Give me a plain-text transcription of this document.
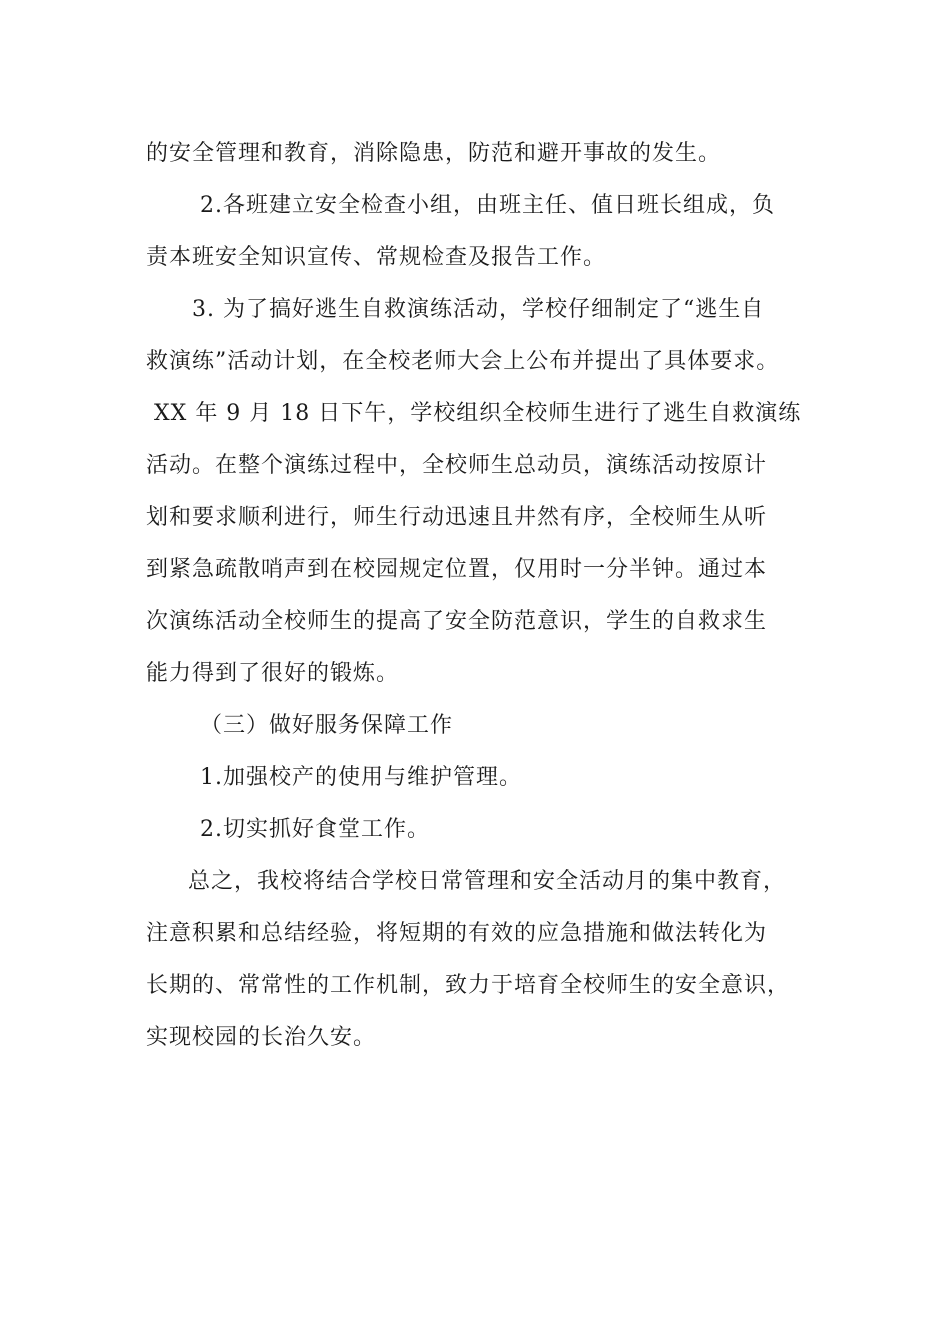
的安全管理和教育，消除隐患，防范和避开事故的发生。
2.各班建立安全检查小组，由班主任、值日班长组成，负
责本班安全知识宣传、常规检查及报告工作。
3. 为了搞好逃生自救演练活动，学校仔细制定了“逃生自
救演练”活动计划，在全校老师大会上公布并提出了具体要求。
XX 年 9 月 18 日下午，学校组织全校师生进行了逃生自救演练
活动。在整个演练过程中，全校师生总动员，演练活动按原计
划和要求顺利进行，师生行动迅速且井然有序，全校师生从听
到紧急疏散哨声到在校园规定位置，仅用时一分半钟。通过本
次演练活动全校师生的提高了安全防范意识，学生的自救求生
能力得到了很好的锻炼。
（三）做好服务保障工作
1.加强校产的使用与维护管理。
2.切实抓好食堂工作。
总之，我校将结合学校日常管理和安全活动月的集中教育，
注意积累和总结经验，将短期的有效的应急措施和做法转化为
长期的、常常性的工作机制，致力于培育全校师生的安全意识，
实现校园的长治久安。
